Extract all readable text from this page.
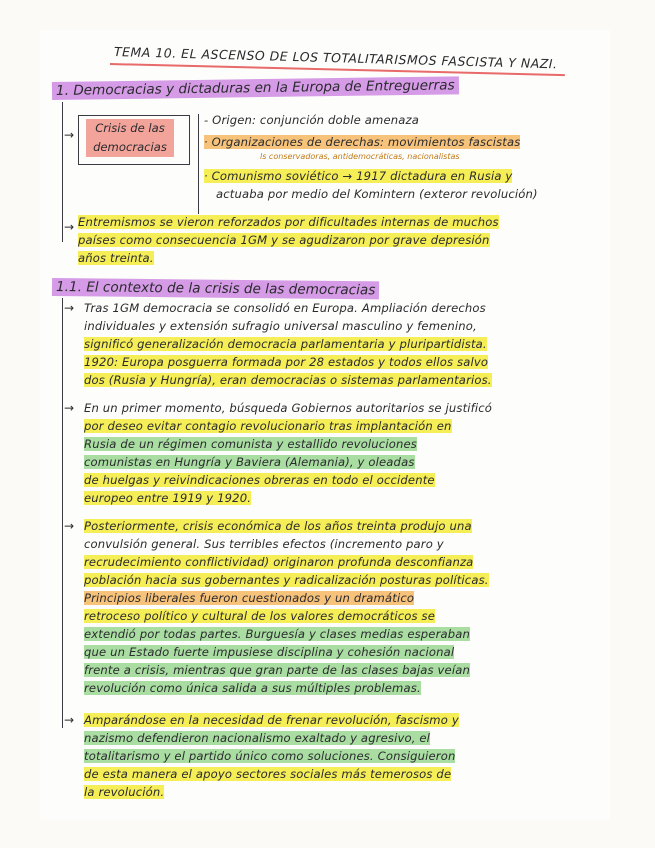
TEMA 10. EL ASCENSO DE LOS TOTALITARISMOS FASCISTA Y NAZI.
1. Democracias y dictaduras en la Europa de Entreguerras
→
→
Crisis de las
democracias
- Origen: conjunción doble amenaza
· Organizaciones de derechas: movimientos fascistas
ls conservadoras, antidemocráticas, nacionalistas
· Comunismo soviético → 1917 dictadura en Rusia y
actuaba por medio del Komintern (exteror revolución)
Entremismos se vieron reforzados por dificultades internas de muchos
países como consecuencia 1GM y se agudizaron por grave depresión
años treinta.
1.1. El contexto de la crisis de las democracias
→ Tras 1GM democracia se consolidó en Europa. Ampliación derechos
individuales y extensión sufragio universal masculino y femenino,
significó generalización democracia parlamentaria y pluripartidista.
1920: Europa posguerra formada por 28 estados y todos ellos salvo
dos (Rusia y Hungría), eran democracias o sistemas parlamentarios.
→ En un primer momento, búsqueda Gobiernos autoritarios se justificó
por deseo evitar contagio revolucionario tras implantación en
Rusia de un régimen comunista y estallido revoluciones
comunistas en Hungría y Baviera (Alemania), y oleadas
de huelgas y reivindicaciones obreras en todo el occidente
europeo entre 1919 y 1920.
→ Posteriormente, crisis económica de los años treinta produjo una
convulsión general. Sus terribles efectos (incremento paro y
recrudecimiento conflictividad) originaron profunda desconfianza
población hacia sus gobernantes y radicalización posturas políticas.
Principios liberales fueron cuestionados y un dramático
retroceso político y cultural de los valores democráticos se
extendió por todas partes. Burguesía y clases medias esperaban
que un Estado fuerte impusiese disciplina y cohesión nacional
frente a crisis, mientras que gran parte de las clases bajas veían
revolución como única salida a sus múltiples problemas.
→ Amparándose en la necesidad de frenar revolución, fascismo y
nazismo defendieron nacionalismo exaltado y agresivo, el
totalitarismo y el partido único como soluciones. Consiguieron
de esta manera el apoyo sectores sociales más temerosos de
la revolución.
